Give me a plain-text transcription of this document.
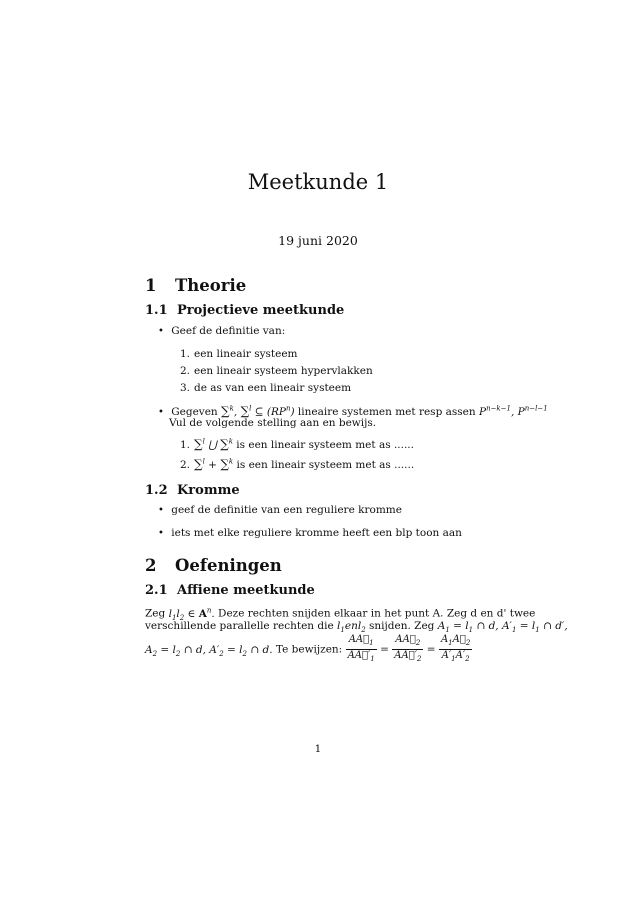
Meetkunde 1
19 juni 2020
1 Theorie
1.1 Projectieve meetkunde
• Geef de definitie van:
1. een lineair systeem
2. een lineair systeem hypervlakken
3. de as van een lineair systeem
• Gegeven ∑$^k$, ∑$^l$ ⊆ $(RP^n)$ lineaire systemen met resp assen $P^{n-k-1}$, $P^{n-l-1}$
Vul de volgende stelling aan en bewijs.
1. ∑$^l$ ⋃ ∑$^k$ is een lineair systeem met as ......
2. ∑$^l$ + ∑$^k$ is een lineair systeem met as ......
1.2 Kromme
• geef de definitie van een reguliere kromme
• iets met elke reguliere kromme heeft een blp toon aan
2 Oefeningen
2.1 Affiene meetkunde
Zeg $l_1l_2$ ∈ $A^n$. Deze rechten snijden elkaar in het punt A. Zeg d en d' twee
verschillende parallelle rechten die $l_1enl_2$ snijden. Zeg $A_1 = l_1$ ∩ d, $A'_1 = l_1$ ∩ d′,
$A_2 = l_2$ ∩ d, $A'_2 = l_2$ ∩ d. Te bewijzen: $\frac{AA⃗_1}{AA⃗'_1} = \frac{AA⃗_2}{AA⃗'_2} = \frac{A_1A⃗_2}{A'_1A'_2}$
1
